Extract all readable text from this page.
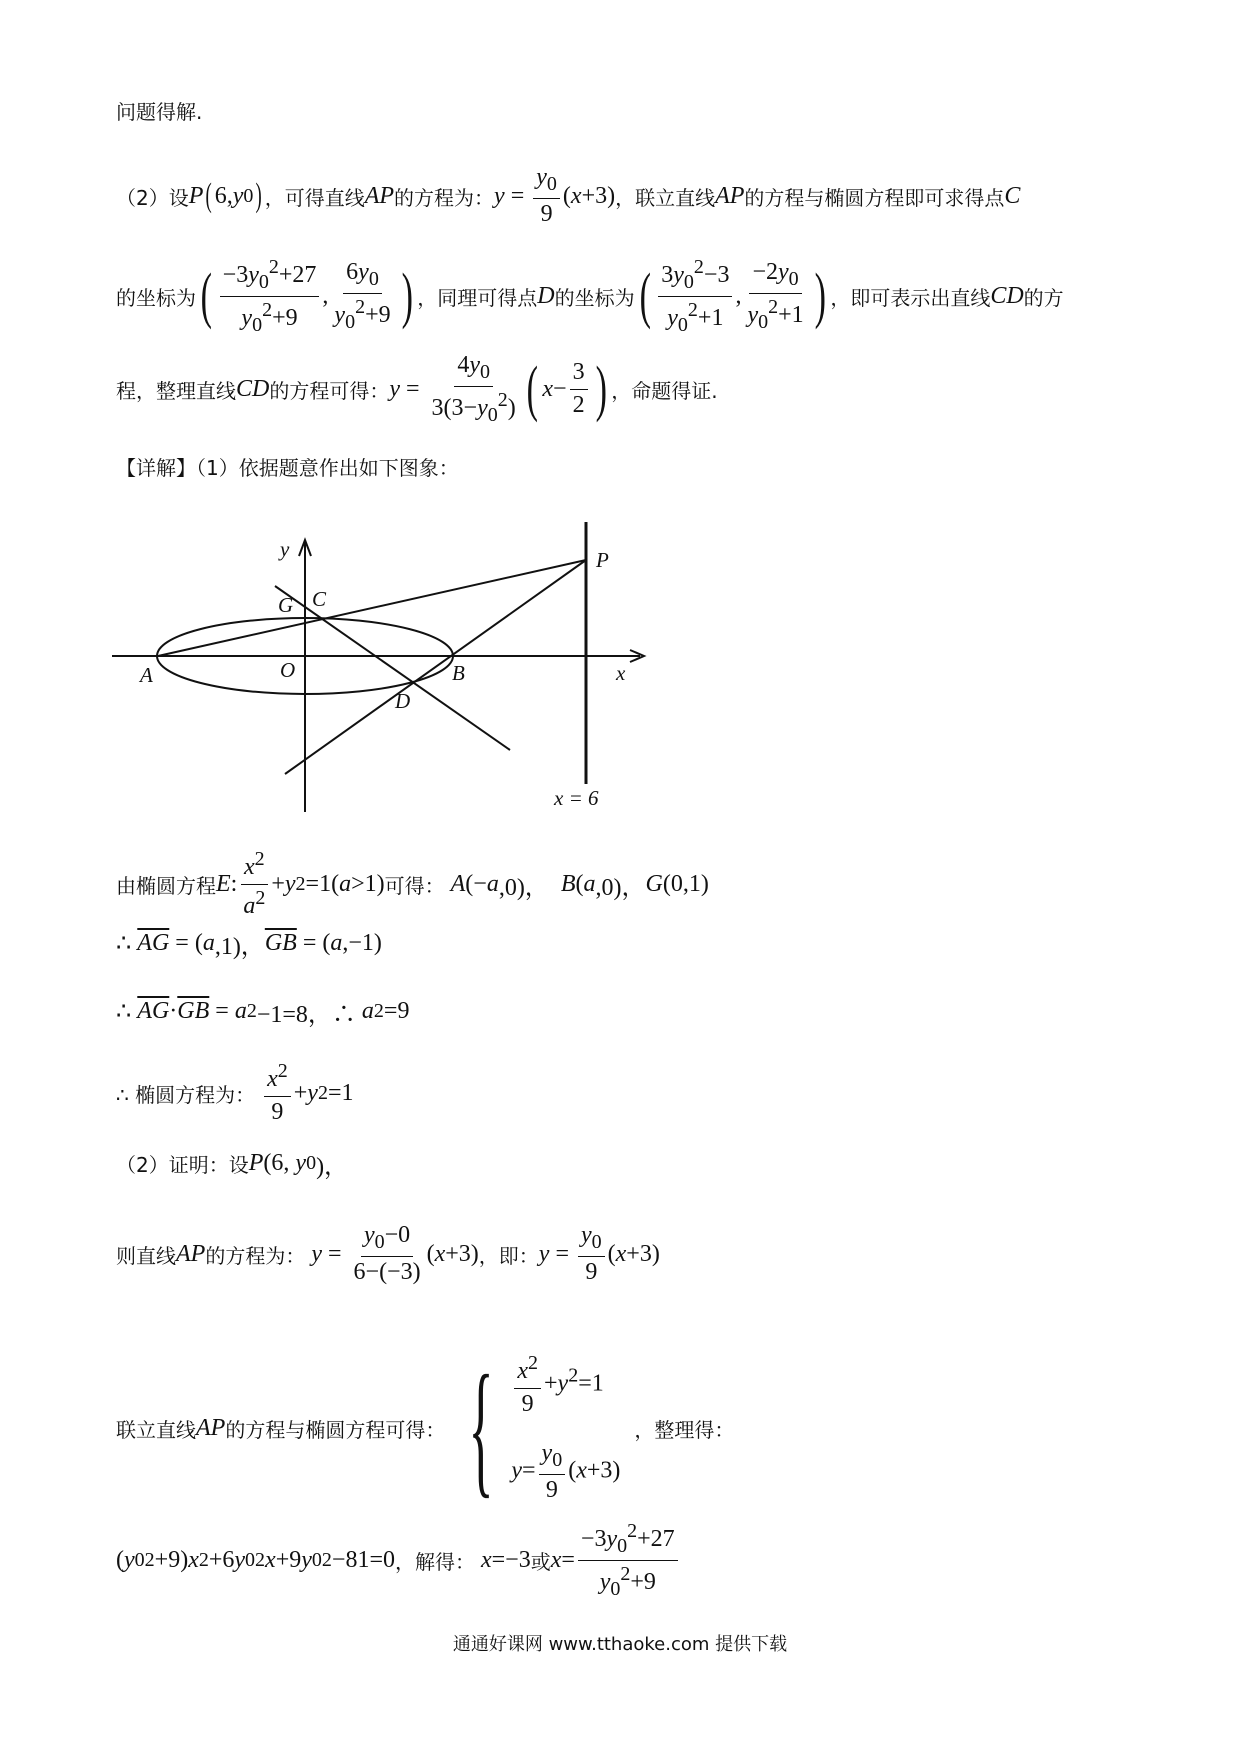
问题得解.
（2）设 P ( 6, y 0 ) ，可得直线 AP 的方程为： $y = \frac{y_0}{9}$ ( x +3) ，联立直线 AP 的方程与椭圆方程即可求得点 C
的坐标为 ( $\frac{-3y_0^2+27}{y_0^2+9}$ , $\frac{6y_0}{y_0^2+9}$ ) ，同理可得点 D 的坐标为 ( $\frac{3y_0^2-3}{y_0^2+1}$ , $\frac{-2y_0}{y_0^2+1}$ ) ，即可表示出直线 CD 的方
程，整理直线 CD 的方程可得： $y = \frac{4y_0}{3(3-y_0^2)}$ ( $x - \frac{3}{2}$ ) ，命题得证.
【详解】（1）依据题意作出如下图象：
y
x
O
A	B
C
D
G
P
x = 6
由椭圆方程 E : $\frac{x^2}{a^2} + y$ 2 =1( a >1) 可得：
A (− a ,0)， B ( a ,0)， G (0,1)
∴ $\overline{AG}$ = ( a ,1)， $\overline{GB}$ = ( a ,−1)
∴ $\overline{AG} \cdot \overline{GB} = a$ 2 −1=8，∴ a 2 =9
∴ 椭圆方程为：
$\frac{x^2}{9} + y$ 2 =1
（2）证明：设 P (6, y 0 )，
则直线 AP 的方程为：
$y = \frac{y_0-0}{6-(-3)}$ ( x +3) ，即： $y = \frac{y_0}{9}$ ( x +3)
联立直线 AP 的方程与椭圆方程可得： { $\frac{x^2}{9} +y^2=1$
$y= \frac{y_0}{9} (x+3)$
，整理得：
( y 0 2 +9) x 2 +6 y 0 2 x +9 y 0 2 −81=0 ，解得：
x =−3 或 $x = \frac{-3y_0^2+27}{y_0^2+9}$
通通好课网 www.tthaoke.com 提供下载
